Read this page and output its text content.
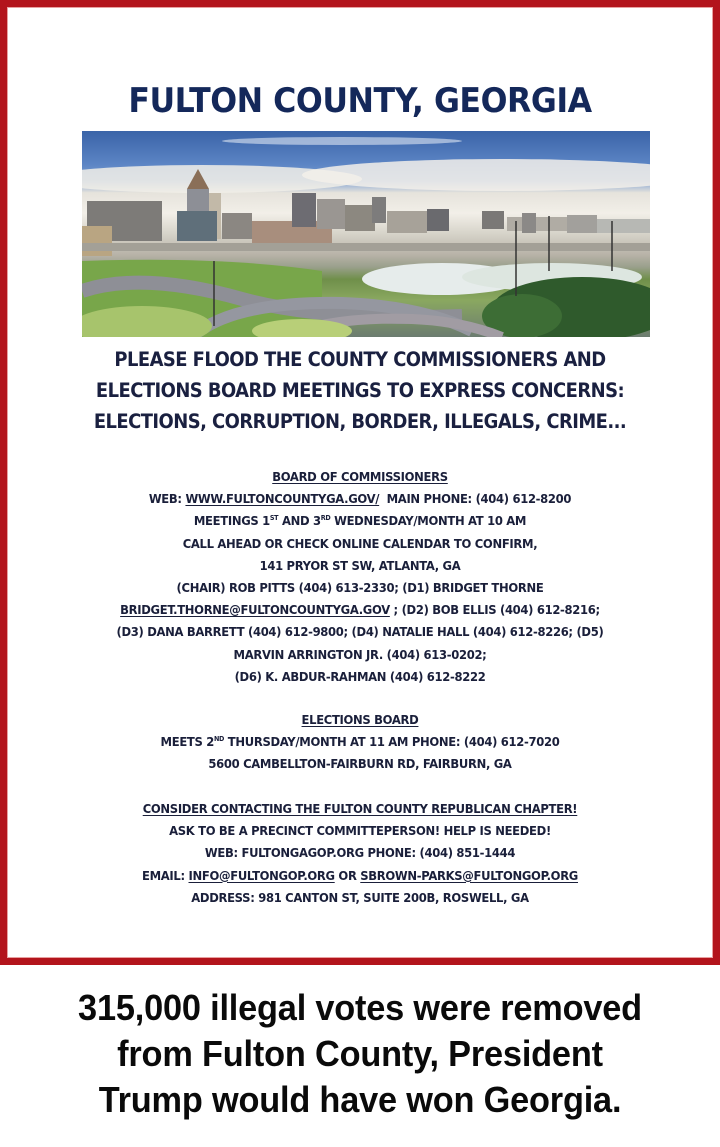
FULTON COUNTY, GEORGIA
PLEASE FLOOD THE COUNTY COMMISSIONERS AND
ELECTIONS BOARD MEETINGS TO EXPRESS CONCERNS:
ELECTIONS, CORRUPTION, BORDER, ILLEGALS, CRIME...
BOARD OF COMMISSIONERS
WEB: WWW.FULTONCOUNTYGA.GOV/ MAIN PHONE: (404) 612-8200
MEETINGS 1ST AND 3RD WEDNESDAY/MONTH AT 10 AM
CALL AHEAD OR CHECK ONLINE CALENDAR TO CONFIRM,
141 PRYOR ST SW, ATLANTA, GA
(CHAIR) ROB PITTS (404) 613-2330; (D1) BRIDGET THORNE
BRIDGET.THORNE@FULTONCOUNTYGA.GOV ; (D2) BOB ELLIS (404) 612-8216;
(D3) DANA BARRETT (404) 612-9800; (D4) NATALIE HALL (404) 612-8226; (D5)
MARVIN ARRINGTON JR. (404) 613-0202;
(D6) K. ABDUR-RAHMAN (404) 612-8222
ELECTIONS BOARD
MEETS 2ND THURSDAY/MONTH AT 11 AM PHONE: (404) 612-7020
5600 CAMBELLTON-FAIRBURN RD, FAIRBURN, GA
CONSIDER CONTACTING THE FULTON COUNTY REPUBLICAN CHAPTER!
ASK TO BE A PRECINCT COMMITTEPERSON! HELP IS NEEDED!
WEB: FULTONGAGOP.ORG PHONE: (404) 851-1444
EMAIL: INFO@FULTONGOP.ORG OR SBROWN-PARKS@FULTONGOP.ORG
ADDRESS: 981 CANTON ST, SUITE 200B, ROSWELL, GA
315,000 illegal votes were removed
from Fulton County, President
Trump would have won Georgia.
